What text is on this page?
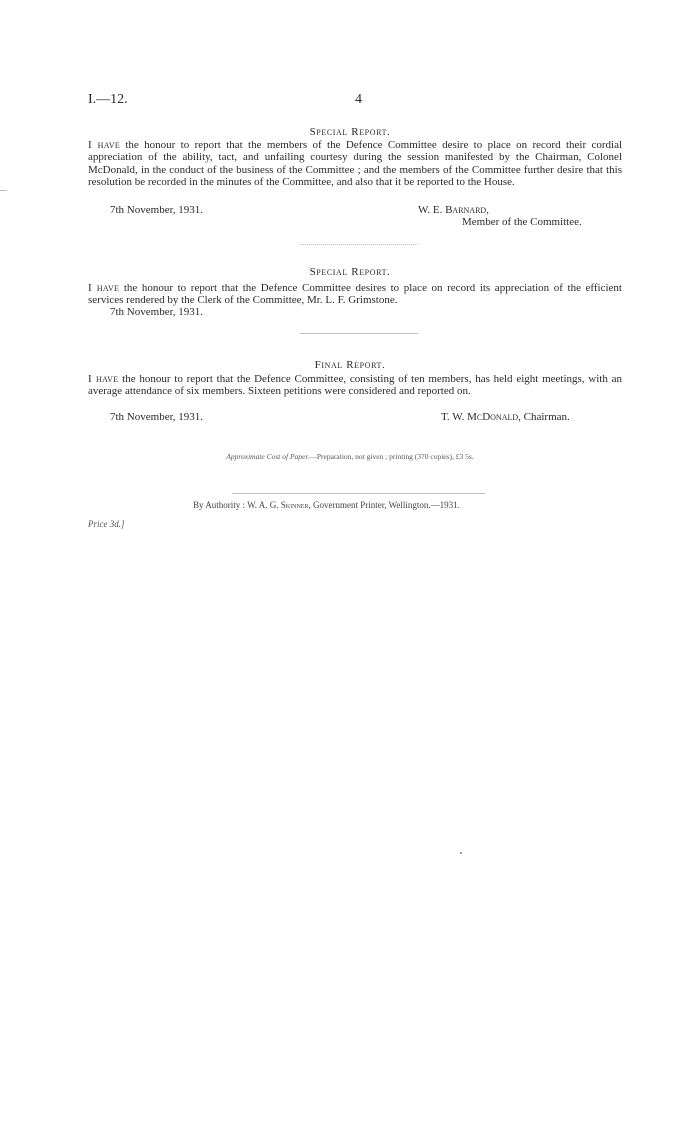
I.—12.	4
Special Report.
I have the honour to report that the members of the Defence Committee desire to place on record their cordial appreciation of the ability, tact, and unfailing courtesy during the session manifested by the Chairman, Colonel McDonald, in the conduct of the business of the Committee ; and the members of the Committee further desire that this resolution be recorded in the minutes of the Committee, and also that it be reported to the House.
7th November, 1931.	W. E. Barnard,
Member of the Committee.
Special Report.
I have the honour to report that the Defence Committee desires to place on record its appreciation of the efficient services rendered by the Clerk of the Committee, Mr. L. F. Grimstone.
7th November, 1931.
Final Report.
I have the honour to report that the Defence Committee, consisting of ten members, has held eight meetings, with an average attendance of six members. Sixteen petitions were considered and reported on.
7th November, 1931.	T. W. McDonald, Chairman.
Approximate Cost of Paper.—Preparation, not given ; printing (370 copies), £3 5s.
By Authority : W. A. G. Skinner, Government Printer, Wellington.—1931.
Price 3d.]
